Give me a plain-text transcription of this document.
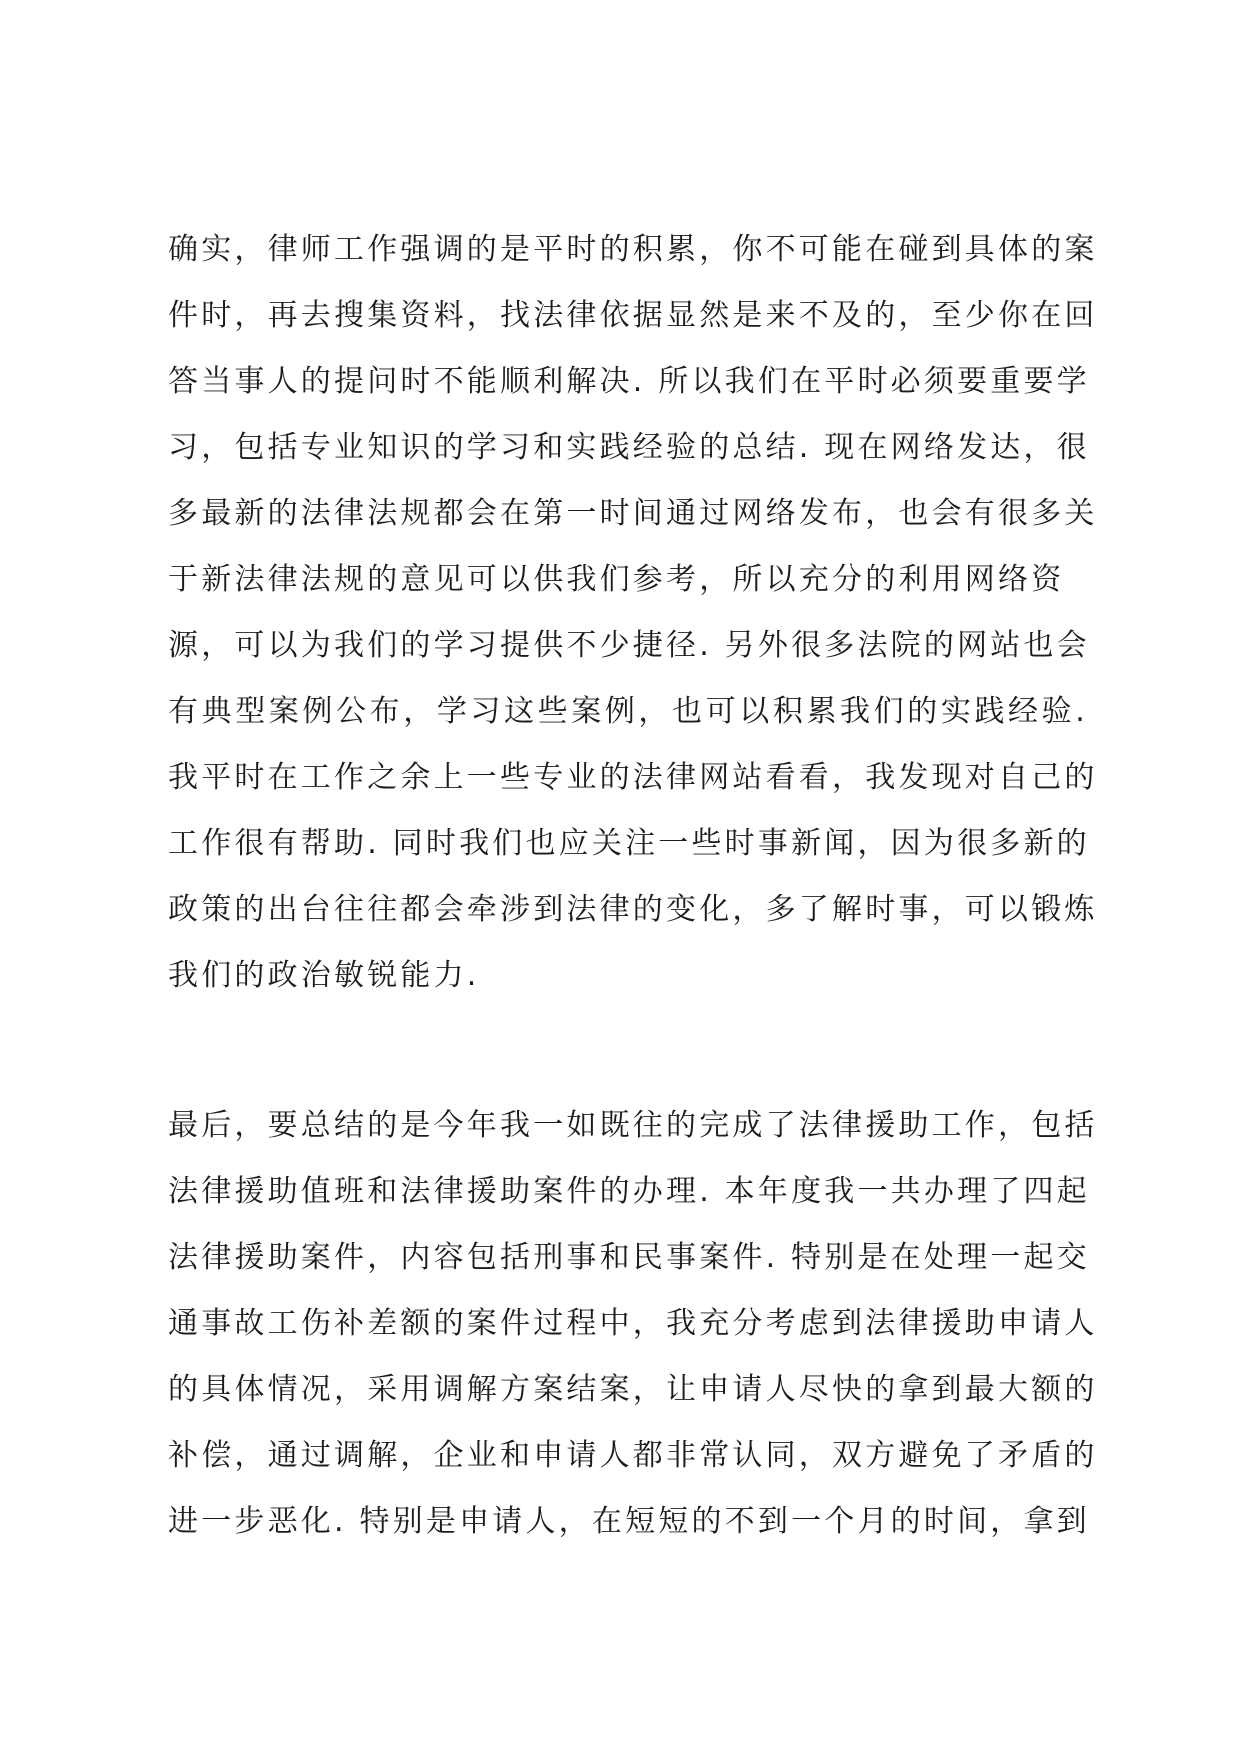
确实，律师工作强调的是平时的积累，你不可能在碰到具体的案
件时，再去搜集资料，找法律依据显然是来不及的，至少你在回
答当事人的提问时不能顺利解决. 所以我们在平时必须要重要学
习，包括专业知识的学习和实践经验的总结. 现在网络发达，很
多最新的法律法规都会在第一时间通过网络发布，也会有很多关
于新法律法规的意见可以供我们参考，所以充分的利用网络资
源，可以为我们的学习提供不少捷径. 另外很多法院的网站也会
有典型案例公布，学习这些案例，也可以积累我们的实践经验.
我平时在工作之余上一些专业的法律网站看看，我发现对自己的
工作很有帮助. 同时我们也应关注一些时事新闻，因为很多新的
政策的出台往往都会牵涉到法律的变化，多了解时事，可以锻炼
我们的政治敏锐能力.
最后，要总结的是今年我一如既往的完成了法律援助工作，包括
法律援助值班和法律援助案件的办理. 本年度我一共办理了四起
法律援助案件，内容包括刑事和民事案件. 特别是在处理一起交
通事故工伤补差额的案件过程中，我充分考虑到法律援助申请人
的具体情况，采用调解方案结案，让申请人尽快的拿到最大额的
补偿，通过调解，企业和申请人都非常认同，双方避免了矛盾的
进一步恶化. 特别是申请人，在短短的不到一个月的时间，拿到
